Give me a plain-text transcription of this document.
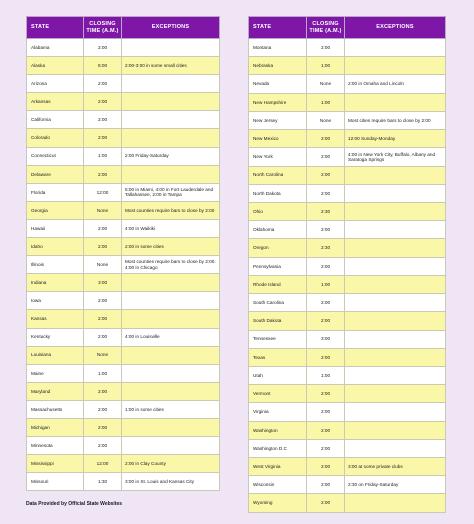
STATE	CLOSING TIME (A.M.)	EXCEPTIONS
Alabama	2:00	
Alaska	5:00	2:00-3:00 in some small cities
Arizona	2:00	
Arkansas	2:00	
California	2:00	
Colorado	2:00	
Connecticut	1:00	2:00 Friday-Saturday
Delaware	2:00	
Florida	12:00	5:00 in Miami, 4:00 in Fort Lauderdale and Tallahassee, 2:00 in Tampa
Georgia	None	Most counties require bars to close by 2:00
Hawaii	2:00	4:00 in Waikiki
Idaho	2:00	2:00 in some cities
Illinois	None	Most counties require bars to close by 2:00. 4:00 in Chicago
Indiana	3:00	
Iowa	2:00	
Kansas	2:00	
Kentucky	2:00	4:00 in Louisville
Louisiana	None	
Maine	1:00	
Maryland	2:00	
Massachusetts	2:00	1:00 in some cities
Michigan	2:00	
Minnesota	2:00	
Mississippi	12:00	2:00 in Clay County
Missouri	1:30	3:00 in St. Louis and Kansas City
STATE	CLOSING TIME (A.M.)	EXCEPTIONS
Montana	2:00	
Nebraska	1:00	
Nevada	None	2:00 in Omaha and Lincoln
New Hampshire	1:00	
New Jersey	None	Most cities require bars to close by 2:00
New Mexico	2:00	12:00 Sunday-Monday
New York	2:00	4:00 in New York City, Buffalo, Albany and Saratoga Springs
North Carolina	2:00	
North Dakota	2:00	
Ohio	2:30	
Oklahoma	2:00	
Oregon	2:30	
Pennsylvania	2:00	
Rhode Island	1:00	
South Carolina	2:00	
South Dakota	2:00	
Tennessee	3:00	
Texas	2:00	
Utah	1:00	
Vermont	2:00	
Virginia	2:00	
Washington	2:00	
Washington D.C	2:00	
West Virginia	2:00	3:00 at some private clubs
Wisconsin	2:00	2:30 on Friday-Saturday
Wyoming	2:00	
Data Provided by Official State Websites
